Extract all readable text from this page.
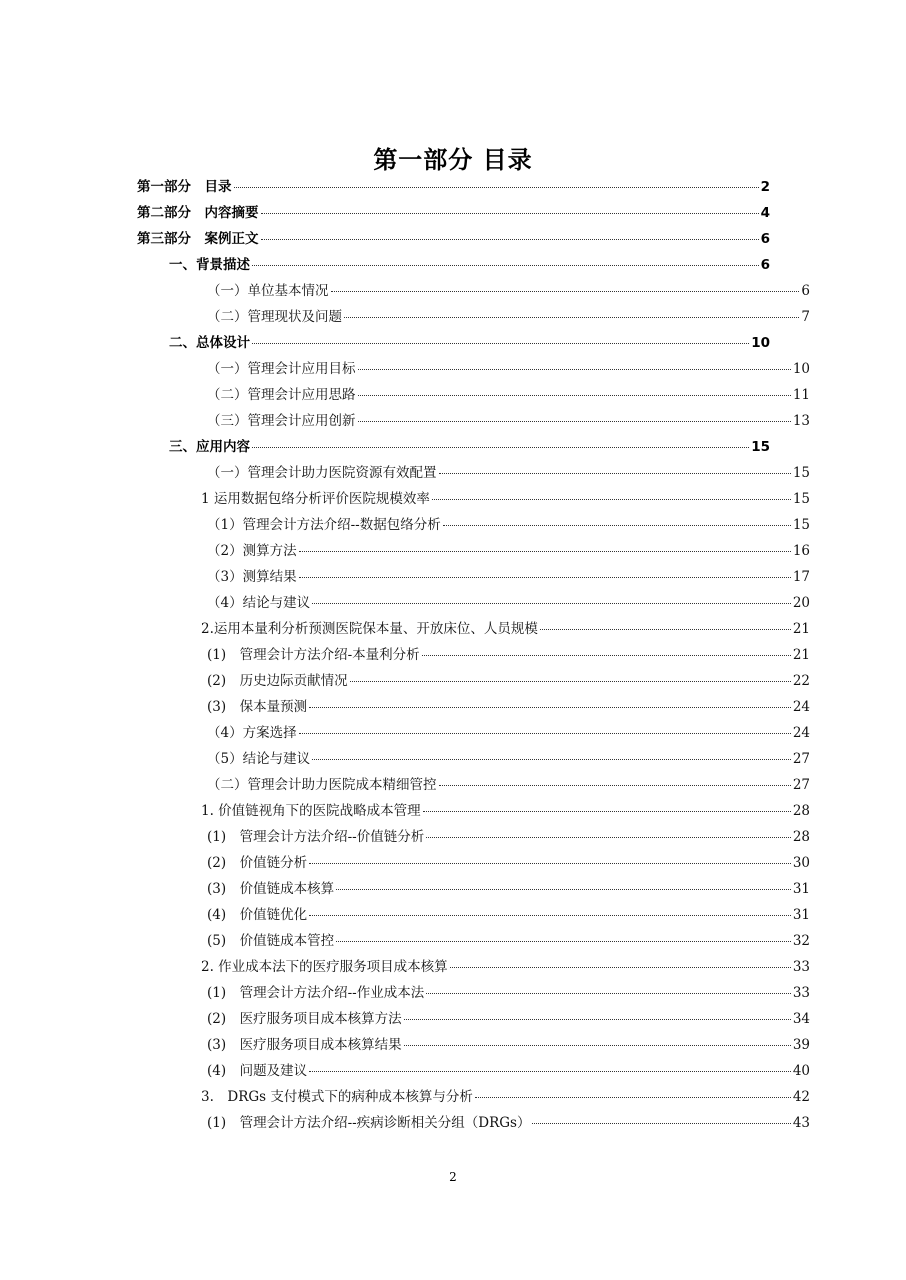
第一部分 目录
第一部分　目录	2
第二部分　内容摘要	4
第三部分　案例正文	6
一、背景描述	6
（一）单位基本情况	6
（二）管理现状及问题	7
二、总体设计	10
（一）管理会计应用目标	10
（二）管理会计应用思路	11
（三）管理会计应用创新	13
三、应用内容	15
（一）管理会计助力医院资源有效配置	15
1 运用数据包络分析评价医院规模效率	15
（1）管理会计方法介绍--数据包络分析	15
（2）测算方法	16
（3）测算结果	17
（4）结论与建议	20
2.运用本量利分析预测医院保本量、开放床位、人员规模	21
(1)　管理会计方法介绍-本量利分析	21
(2)　历史边际贡献情况	22
(3)　保本量预测	24
（4）方案选择	24
（5）结论与建议	27
（二）管理会计助力医院成本精细管控	27
1. 价值链视角下的医院战略成本管理	28
(1)　管理会计方法介绍--价值链分析	28
(2)　价值链分析	30
(3)　价值链成本核算	31
(4)　价值链优化	31
(5)　价值链成本管控	32
2. 作业成本法下的医疗服务项目成本核算	33
(1)　管理会计方法介绍--作业成本法	33
(2)　医疗服务项目成本核算方法	34
(3)　医疗服务项目成本核算结果	39
(4)　问题及建议	40
3.　DRGs 支付模式下的病种成本核算与分析	42
(1)　管理会计方法介绍--疾病诊断相关分组（DRGs）	43
2
